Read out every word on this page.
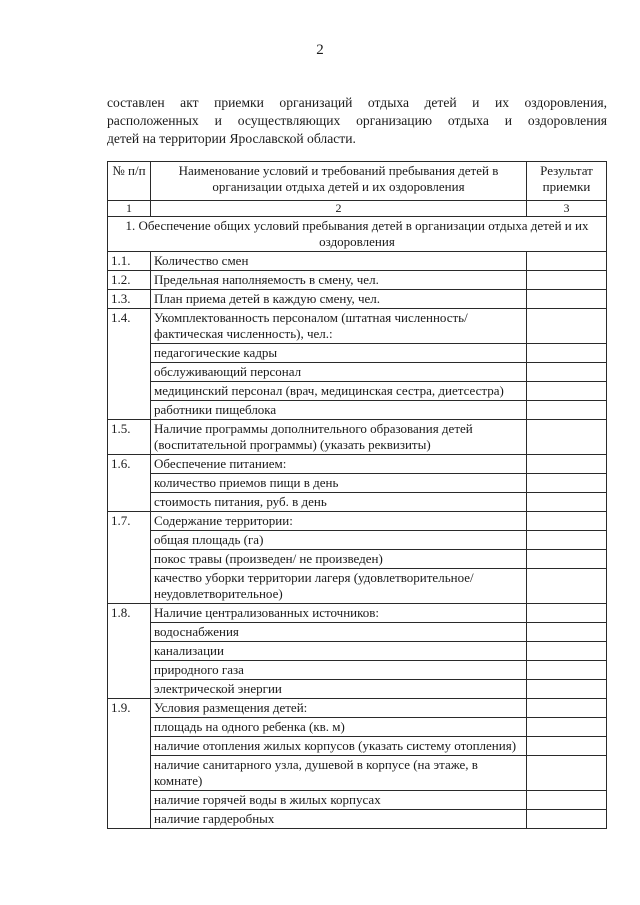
2
составлен акт приемки организаций отдыха детей и их оздоровления,
расположенных и осуществляющих организацию отдыха и оздоровления
детей на территории Ярославской области.
№ п/п	Наименование условий и требований пребывания детей в организации отдыха детей и их оздоровления	Результат приемки
1	2	3
1. Обеспечение общих условий пребывания детей в организации отдыха детей и их оздоровления		
1.1.	Количество смен	
1.2.	Предельная наполняемость в смену, чел.	
1.3.	План приема детей в каждую смену, чел.	
1.4.	Укомплектованность персоналом (штатная численность/ фактическая численность), чел.:	
	педагогические кадры	
	обслуживающий персонал	
	медицинский персонал (врач, медицинская сестра, диетсестра)	
	работники пищеблока	
1.5.	Наличие программы дополнительного образования детей (воспитательной программы) (указать реквизиты)	
1.6.	Обеспечение питанием:	
	количество приемов пищи в день	
	стоимость питания, руб. в день	
1.7.	Содержание территории:	
	общая площадь (га)	
	покос травы (произведен/ не произведен)	
	качество уборки территории лагеря (удовлетворительное/неудовлетворительное)	
1.8.	Наличие централизованных источников:	
	водоснабжения	
	канализации	
	природного газа	
	электрической энергии	
1.9.	Условия размещения детей:	
	площадь на одного ребенка (кв. м)	
	наличие отопления жилых корпусов (указать систему отопления)	
	наличие санитарного узла, душевой в корпусе (на этаже, в комнате)	
	наличие горячей воды в жилых корпусах	
	наличие гардеробных	
